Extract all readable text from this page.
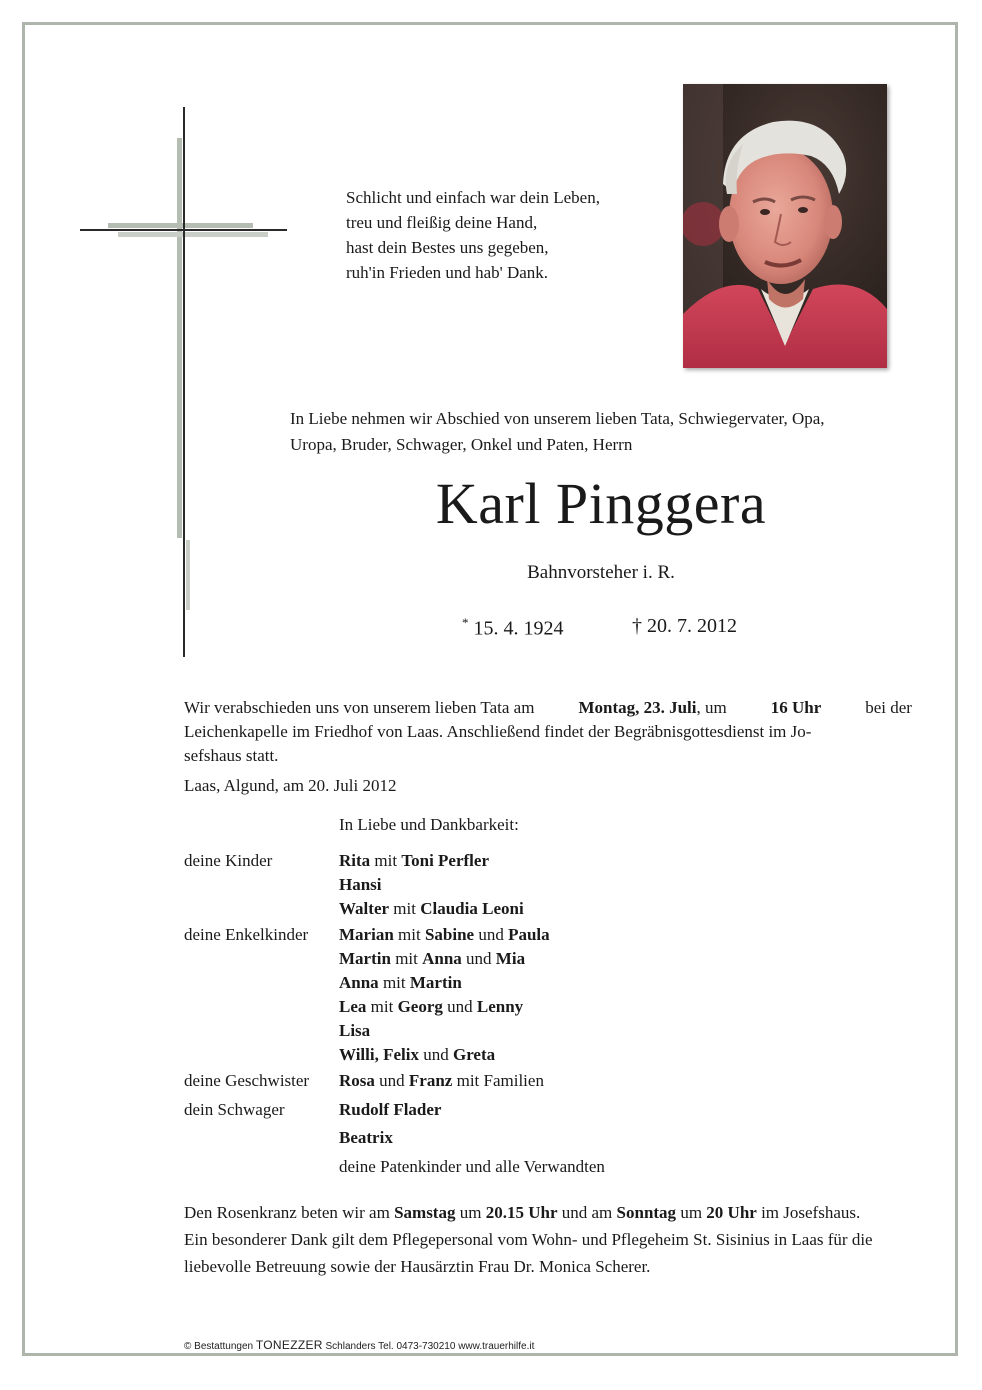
Schlicht und einfach war dein Leben,
treu und fleißig deine Hand,
hast dein Bestes uns gegeben,
ruh'in Frieden und hab' Dank.
In Liebe nehmen wir Abschied von unserem lieben Tata, Schwiegervater, Opa,
Uropa, Bruder, Schwager, Onkel und Paten, Herrn
Karl Pinggera
Bahnvorsteher i. R.
* 15. 4. 1924	† 20. 7. 2012
Wir verabschieden uns von unserem lieben Tata am	Montag, 23. Juli, um	16 Uhr	bei der
Leichenkapelle im Friedhof von Laas. Anschließend findet der Begräbnisgottesdienst im Jo-
sefshaus statt.
Laas, Algund, am 20. Juli 2012
In Liebe und Dankbarkeit:
deine Kinder	Rita mit Toni Perfler
Hansi
Walter mit Claudia Leoni
deine Enkelkinder	Marian mit Sabine und Paula
Martin mit Anna und Mia
Anna mit Martin
Lea mit Georg und Lenny
Lisa
Willi, Felix und Greta
deine Geschwister	Rosa und Franz mit Familien
dein Schwager	Rudolf Flader
Beatrix
deine Patenkinder und alle Verwandten
Den Rosenkranz beten wir am Samstag um 20.15 Uhr und am Sonntag um 20 Uhr im Josefshaus.
Ein besonderer Dank gilt dem Pflegepersonal vom Wohn- und Pflegeheim St. Sisinius in Laas für die
liebevolle Betreuung sowie der Hausärztin Frau Dr. Monica Scherer.
© Bestattungen TONEZZER Schlanders Tel. 0473-730210 www.trauerhilfe.it
